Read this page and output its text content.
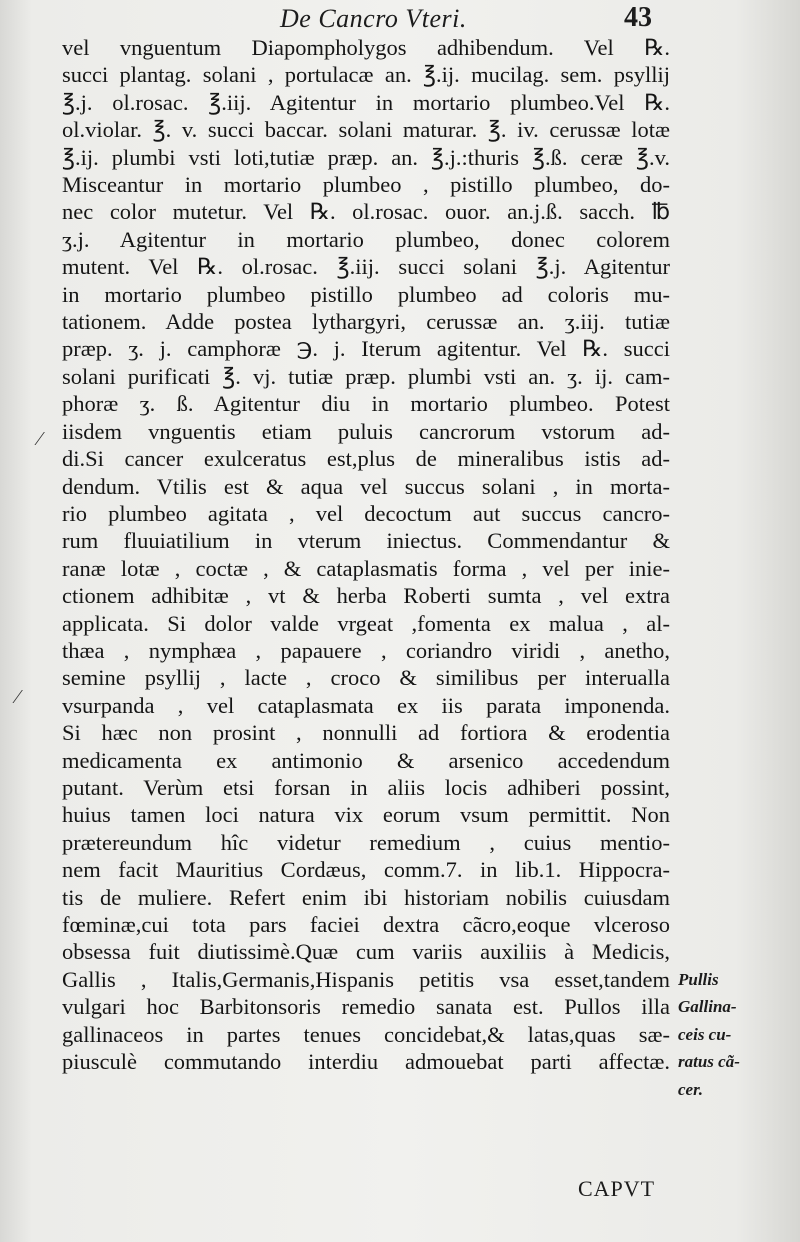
De Cancro Vteri.	43
vel vnguentum Diapompholygos adhibendum. Vel ℞.
succi plantag. solani , portulacæ an. ℥.ij. mucilag. sem. psyllij
℥.j. ol.rosac. ℥.iij. Agitentur in mortario plumbeo.Vel ℞.
ol.violar. ℥. v. succi baccar. solani maturar. ℥. iv. cerussæ lotæ
℥.ij. plumbi vsti loti,tutiæ præp. an. ℥.j.:thuris ℥.ß. ceræ ℥.v.
Misceantur in mortario plumbeo , pistillo plumbeo, do-
nec color mutetur. Vel ℞. ol.rosac. ouor. an.j.ß. sacch. ℔
ʒ.j. Agitentur in mortario plumbeo, donec colorem
mutent. Vel ℞. ol.rosac. ℥.iij. succi solani ℥.j. Agitentur
in mortario plumbeo pistillo plumbeo ad coloris mu-
tationem. Adde postea lythargyri, cerussæ an. ʒ.iij. tutiæ
præp. ʒ. j. camphoræ ℈. j. Iterum agitentur. Vel ℞. succi
solani purificati ℥. vj. tutiæ præp. plumbi vsti an. ʒ. ij. cam-
phoræ ʒ. ß. Agitentur diu in mortario plumbeo. Potest
iisdem vnguentis etiam puluis cancrorum vstorum ad-
di.Si cancer exulceratus est,plus de mineralibus istis ad-
dendum. Vtilis est & aqua vel succus solani , in morta-
rio plumbeo agitata , vel decoctum aut succus cancro-
rum fluuiatilium in vterum iniectus. Commendantur &
ranæ lotæ , coctæ , & cataplasmatis forma , vel per inie-
ctionem adhibitæ , vt & herba Roberti sumta , vel extra
applicata. Si dolor valde vrgeat ,fomenta ex malua , al-
thæa , nymphæa , papauere , coriandro viridi , anetho,
semine psyllij , lacte , croco & similibus per interualla
vsurpanda , vel cataplasmata ex iis parata imponenda.
Si hæc non prosint , nonnulli ad fortiora & erodentia
medicamenta ex antimonio & arsenico accedendum
putant. Verùm etsi forsan in aliis locis adhiberi possint,
huius tamen loci natura vix eorum vsum permittit. Non
prætereundum hîc videtur remedium , cuius mentio-
nem facit Mauritius Cordæus, comm.7. in lib.1. Hippocra-
tis de muliere. Refert enim ibi historiam nobilis cuiusdam
fœminæ,cui tota pars faciei dextra cãcro,eoque vlceroso
obsessa fuit diutissimè.Quæ cum variis auxiliis à Medicis,
Gallis , Italis,Germanis,Hispanis petitis vsa esset,tandem
vulgari hoc Barbitonsoris remedio sanata est. Pullos illa
gallinaceos in partes tenues concidebat,& latas,quas sæ-
piusculè commutando interdiu admouebat parti affectæ.
Pullis
Gallina-
ceis cu-
ratus cã-
cer.
⁄
⁄
CAPVT
